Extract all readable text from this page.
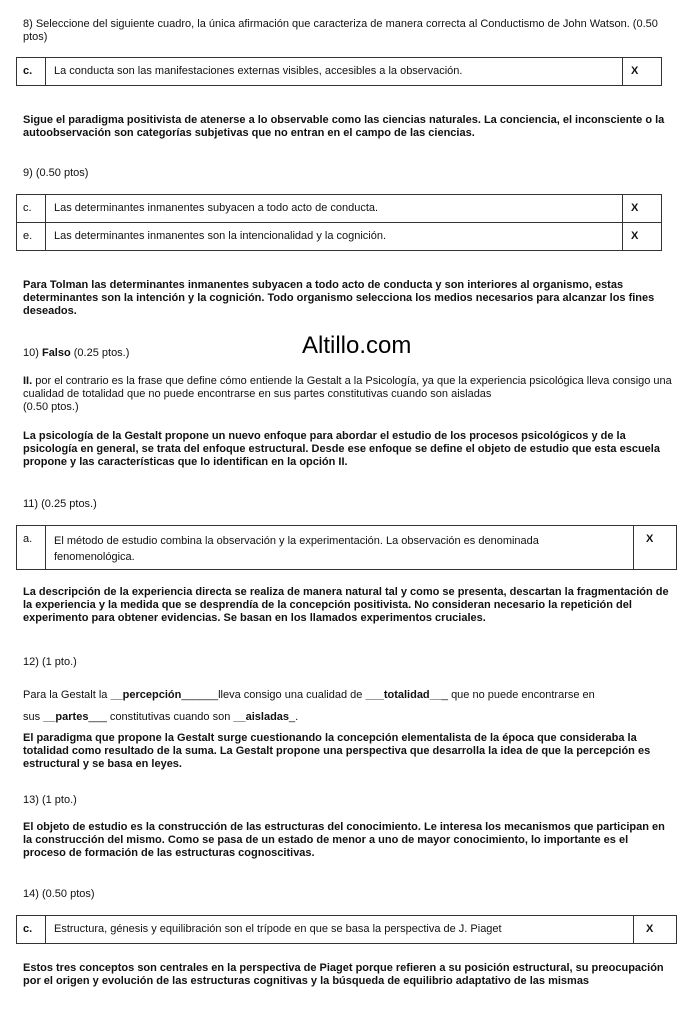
8) Seleccione del siguiente cuadro, la única afirmación que caracteriza de manera correcta al Conductismo de John Watson. (0.50 ptos)
c.	La conducta son las manifestaciones externas visibles, accesibles a la observación.	X
Sigue el paradigma positivista de atenerse a lo observable como las ciencias naturales. La conciencia, el inconsciente o la autoobservación son categorías subjetivas que no entran en el campo de las ciencias.
9) (0.50 ptos)
c.	Las determinantes inmanentes subyacen a todo acto de conducta.	X
e.	Las determinantes inmanentes son la intencionalidad y la cognición.	X
Para Tolman las determinantes inmanentes subyacen a todo acto de conducta y son interiores al organismo, estas determinantes son la intención y la cognición. Todo organismo selecciona los medios necesarios para alcanzar los fines deseados.
Altillo.com
10) Falso (0.25 ptos.)
II. por el contrario es la frase que define cómo entiende la Gestalt a la Psicología, ya que la experiencia psicológica lleva consigo una cualidad de totalidad que no puede encontrarse en sus partes constitutivas cuando son aisladas
(0.50 ptos.)
La psicología de la Gestalt propone un nuevo enfoque para abordar el estudio de los procesos psicológicos y de la psicología en general, se trata del enfoque estructural. Desde ese enfoque se define el objeto de estudio que esta escuela propone y las características que lo identifican en la opción II.
11) (0.25 ptos.)
a.	El método de estudio combina la observación y la experimentación. La observación es denominada fenomenológica.	X
La descripción de la experiencia directa se realiza de manera natural tal y como se presenta, descartan la fragmentación de la experiencia y la medida que se desprendía de la concepción positivista. No consideran necesario la repetición del experimento para obtener evidencias. Se basan en los llamados experimentos cruciales.
12) (1 pto.)
Para la Gestalt la __percepción______lleva consigo una cualidad de ___totalidad___ que no puede encontrarse en
sus __partes___ constitutivas cuando son __aisladas_.
El paradigma que propone la Gestalt surge cuestionando la concepción elementalista de la época que consideraba la totalidad como resultado de la suma. La Gestalt propone una perspectiva que desarrolla la idea de que la percepción es estructural y se basa en leyes.
13) (1 pto.)
El objeto de estudio es la construcción de las estructuras del conocimiento. Le interesa los mecanismos que participan en la construcción del mismo. Como se pasa de un estado de menor a uno de mayor conocimiento, lo importante es el proceso de formación de las estructuras cognoscitivas.
14) (0.50 ptos)
c.	Estructura, génesis y equilibración son el trípode en que se basa la perspectiva de J. Piaget	X
Estos tres conceptos son centrales en la perspectiva de Piaget porque refieren a su posición estructural, su preocupación por el origen y evolución de las estructuras cognitivas y la búsqueda de equilibrio adaptativo de las mismas
